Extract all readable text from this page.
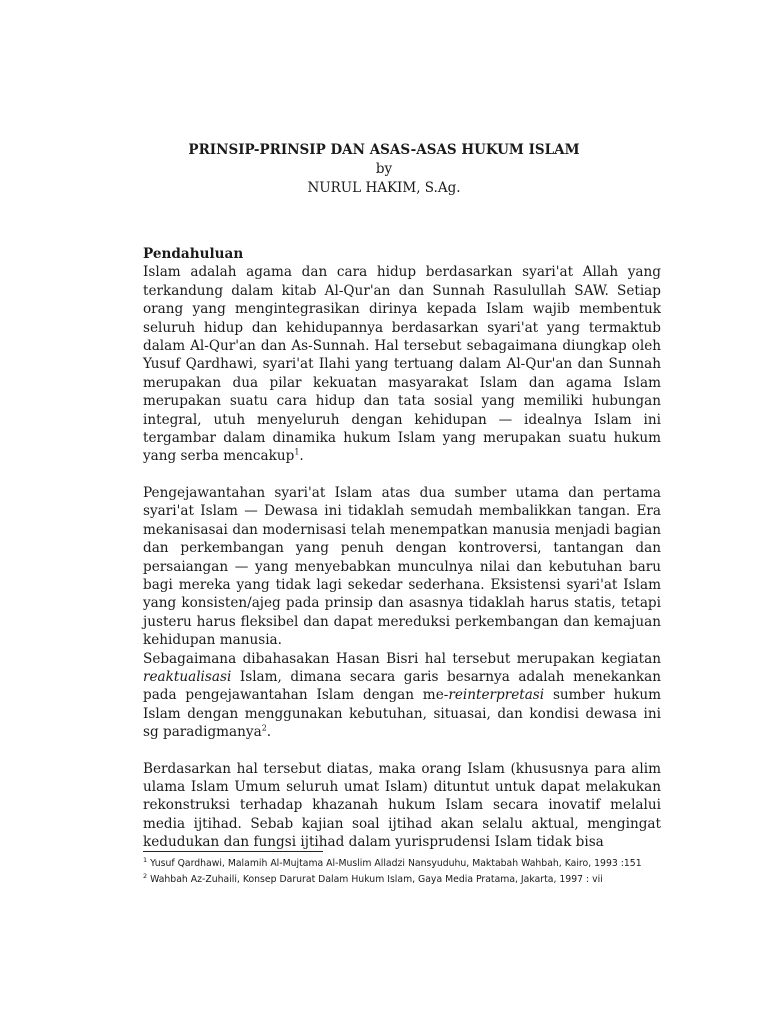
PRINSIP-PRINSIP DAN ASAS-ASAS HUKUM ISLAM

by

NURUL HAKIM, S.Ag.

Pendahuluan

Islam adalah agama dan cara hidup berdasarkan syari'at Allah yang terkandung dalam kitab Al-Qur'an dan Sunnah Rasulullah SAW. Setiap orang yang mengintegrasikan dirinya kepada Islam wajib membentuk seluruh hidup dan kehidupannya berdasarkan syari'at yang termaktub dalam Al-Qur'an dan As-Sunnah. Hal tersebut sebagaimana diungkap oleh Yusuf Qardhawi, syari'at Ilahi yang tertuang dalam Al-Qur'an dan Sunnah merupakan dua pilar kekuatan masyarakat Islam dan agama Islam merupakan suatu cara hidup dan tata sosial yang memiliki hubungan integral, utuh menyeluruh dengan kehidupan — idealnya Islam ini tergambar dalam dinamika hukum Islam yang merupakan suatu hukum yang serba mencakup$^1$.

Pengejawantahan syari'at Islam atas dua sumber utama dan pertama syari'at Islam — Dewasa ini tidaklah semudah membalikkan tangan. Era mekanisasai dan modernisasi telah menempatkan manusia menjadi bagian dan perkembangan yang penuh dengan kontroversi, tantangan dan persaiangan — yang menyebabkan munculnya nilai dan kebutuhan baru bagi mereka yang tidak lagi sekedar sederhana. Eksistensi syari'at Islam yang konsisten/ajeg pada prinsip dan asasnya tidaklah harus statis, tetapi justeru harus fleksibel dan dapat mereduksi perkembangan dan kemajuan kehidupan manusia.

Sebagaimana dibahasakan Hasan Bisri hal tersebut merupakan kegiatan reaktualisasi Islam, dimana secara garis besarnya adalah menekankan pada pengejawantahan Islam dengan me-reinterpretasi sumber hukum Islam dengan menggunakan kebutuhan, situasai, dan kondisi dewasa ini sg paradigmanya$^2$.

Berdasarkan hal tersebut diatas, maka orang Islam (khususnya para alim ulama Islam Umum seluruh umat Islam) dituntut untuk dapat melakukan rekonstruksi terhadap khazanah hukum Islam secara inovatif melalui media ijtihad. Sebab kajian soal ijtihad akan selalu aktual, mengingat kedudukan dan fungsi ijtihad dalam yurisprudensi Islam tidak bisa

$^1$ Yusuf Qardhawi, Malamih Al-Mujtama Al-Muslim Alladzi Nansyuduhu, Maktabah Wahbah, Kairo, 1993 :151

$^2$ Wahbah Az-Zuhaili, Konsep Darurat Dalam Hukum Islam, Gaya Media Pratama, Jakarta, 1997 : vii
